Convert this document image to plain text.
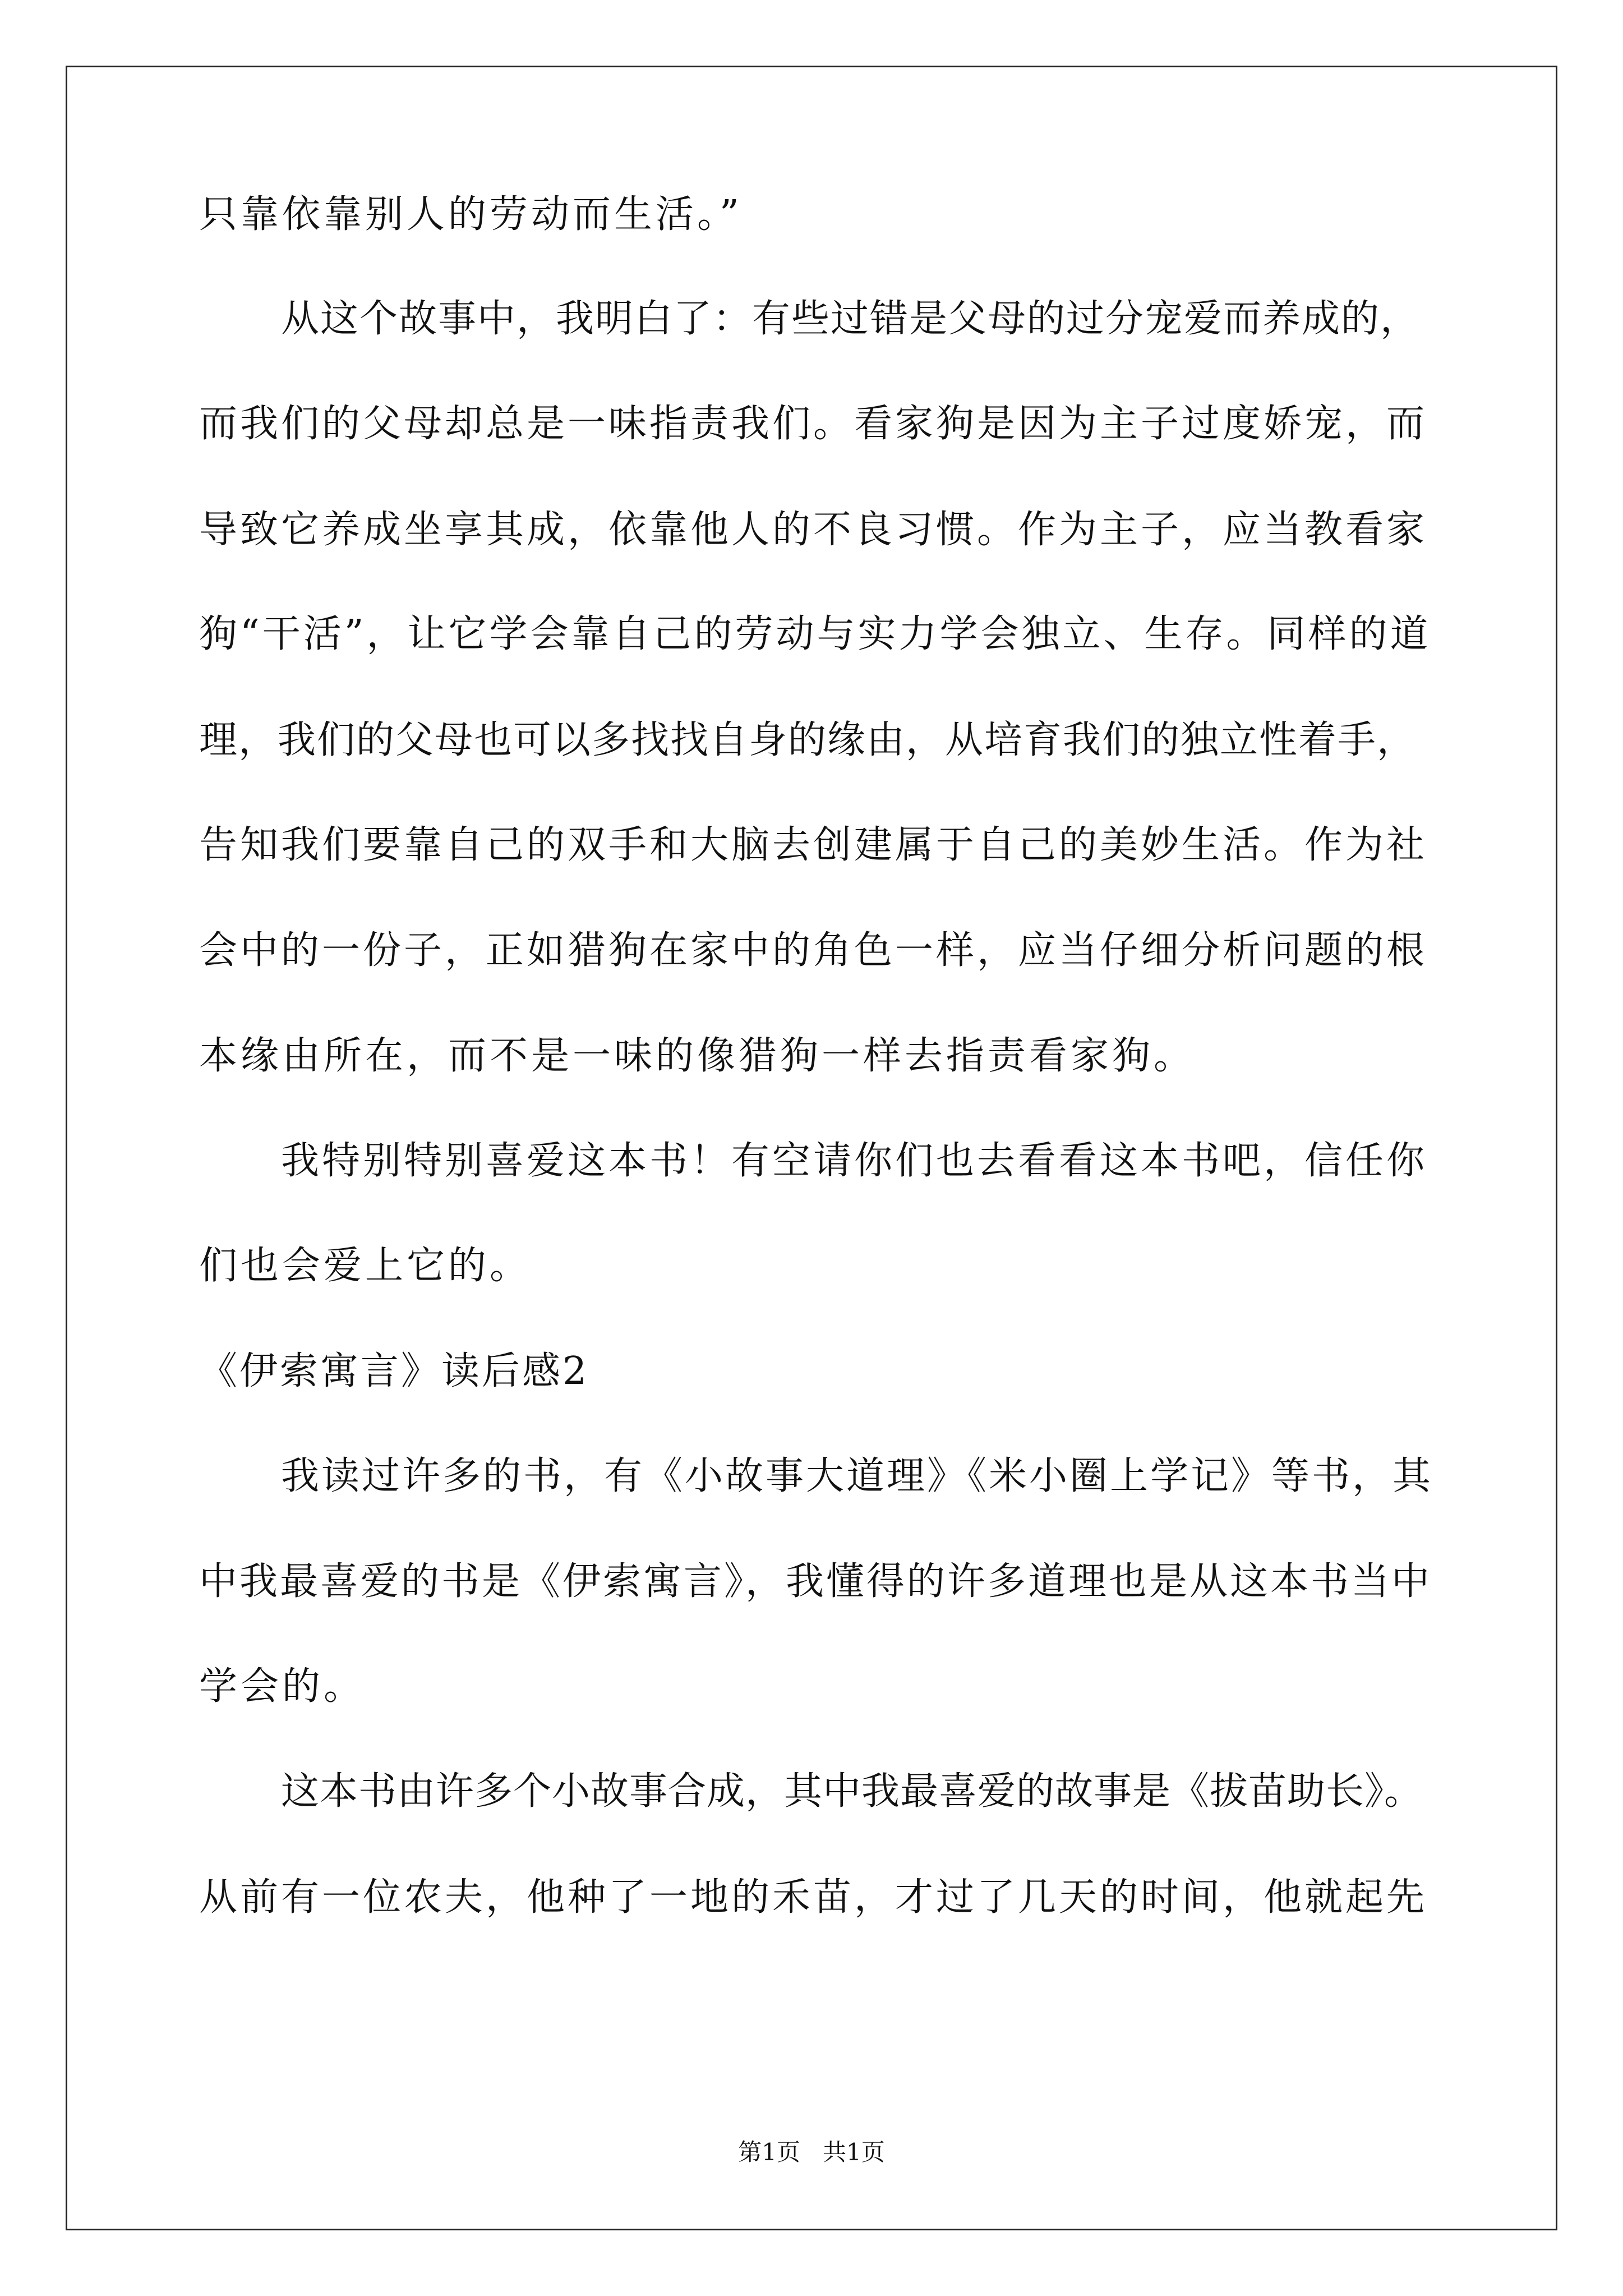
只靠依靠别人的劳动而生活。”
从这个故事中，我明白了：有些过错是父母的过分宠爱而养成的，
而我们的父母却总是一味指责我们。看家狗是因为主子过度娇宠，而
导致它养成坐享其成，依靠他人的不良习惯。作为主子，应当教看家
狗“干活”，让它学会靠自己的劳动与实力学会独立、生存。同样的道
理，我们的父母也可以多找找自身的缘由，从培育我们的独立性着手，
告知我们要靠自己的双手和大脑去创建属于自己的美妙生活。作为社
会中的一份子，正如猎狗在家中的角色一样，应当仔细分析问题的根
本缘由所在，而不是一味的像猎狗一样去指责看家狗。
我特别特别喜爱这本书！有空请你们也去看看这本书吧，信任你
们也会爱上它的。
《伊索寓言》读后感2
我读过许多的书，有《小故事大道理》《米小圈上学记》等书，其
中我最喜爱的书是《伊索寓言》，我懂得的许多道理也是从这本书当中
学会的。
这本书由许多个小故事合成，其中我最喜爱的故事是《拔苗助长》。
从前有一位农夫，他种了一地的禾苗，才过了几天的时间，他就起先
第1页   共1页
